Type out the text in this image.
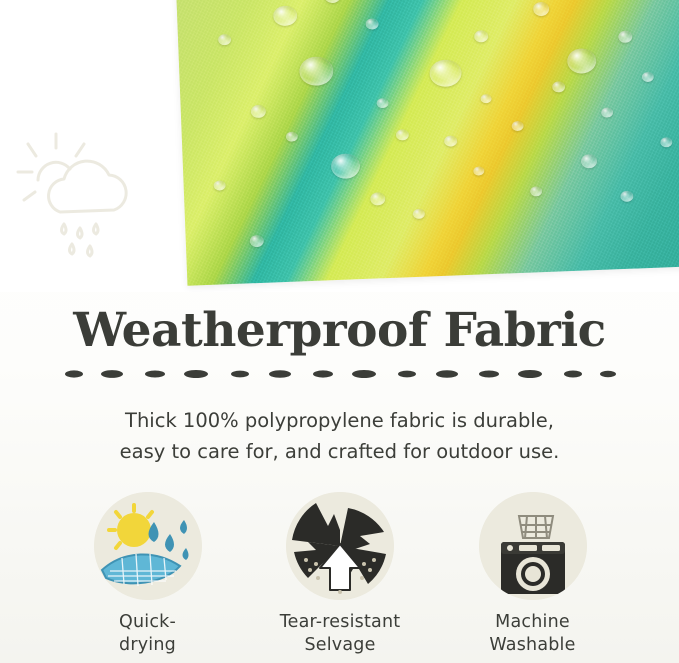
Weatherproof Fabric
Thick 100% polypropylene fabric is durable,
easy to care for, and crafted for outdoor use.
Quick-
drying
Tear-resistant
Selvage
Machine
Washable
